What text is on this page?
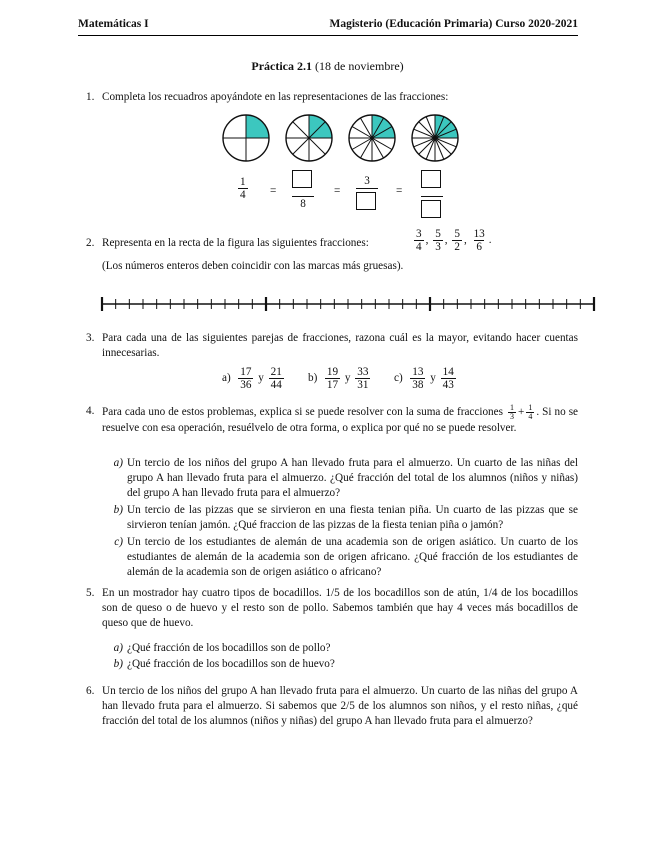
Matemáticas I	Magisterio (Educación Primaria) Curso 2020-2021
Práctica 2.1 (18 de noviembre)
1. Completa los recuadros apoyándote en las representaciones de las fracciones:
$\frac{1}{4}$ =
8
=
3
=
2. Representa en la recta de la figura las siguientes fracciones:	$\frac{3}{4}$ , $\frac{5}{3}$ , $\frac{5}{2}$ , $\frac{13}{6}$ .
(Los números enteros deben coincidir con las marcas más gruesas).
3. Para cada una de las siguientes parejas de fracciones, razona cuál es la mayor, evitando hacer cuentas innecesarias.
$a) \frac{17}{36}$ y $\frac{21}{44} b) \frac{19}{17}$ y $\frac{33}{31} c) \frac{13}{38}$ y $\frac{14}{43}$
4. Para cada uno de estos problemas, explica si se puede resolver con la suma de fracciones $\frac{1}{3} + \frac{1}{4}$ . Si no se resuelve con esa operación, resuélvelo de otra forma, o explica por qué no se puede resolver.
a) Un tercio de los niños del grupo A han llevado fruta para el almuerzo. Un cuarto de las niñas del grupo A han llevado fruta para el almuerzo. ¿Qué fracción del total de los alumnos (niños y niñas) del grupo A han llevado fruta para el almuerzo?
b) Un tercio de las pizzas que se sirvieron en una fiesta tenian piña. Un cuarto de las pizzas que se sirvieron tenían jamón. ¿Qué fraccion de las pizzas de la fiesta tenian piña o jamón?
c) Un tercio de los estudiantes de alemán de una academia son de origen asiático. Un cuarto de los estudiantes de alemán de la academia son de origen africano. ¿Qué fracción de los estudiantes de alemán de la academia son de origen asiático o africano?
5. En un mostrador hay cuatro tipos de bocadillos. 1/5 de los bocadillos son de atún, 1/4 de los bocadillos son de queso o de huevo y el resto son de pollo. Sabemos también que hay 4 veces más bocadillos de queso que de huevo.
a) ¿Qué fracción de los bocadillos son de pollo?
b) ¿Qué fracción de los bocadillos son de huevo?
6. Un tercio de los niños del grupo A han llevado fruta para el almuerzo. Un cuarto de las niñas del grupo A han llevado fruta para el almuerzo. Si sabemos que 2/5 de los alumnos son niños, y el resto niñas, ¿qué fracción del total de los alumnos (niños y niñas) del grupo A han llevado fruta para el almuerzo?
